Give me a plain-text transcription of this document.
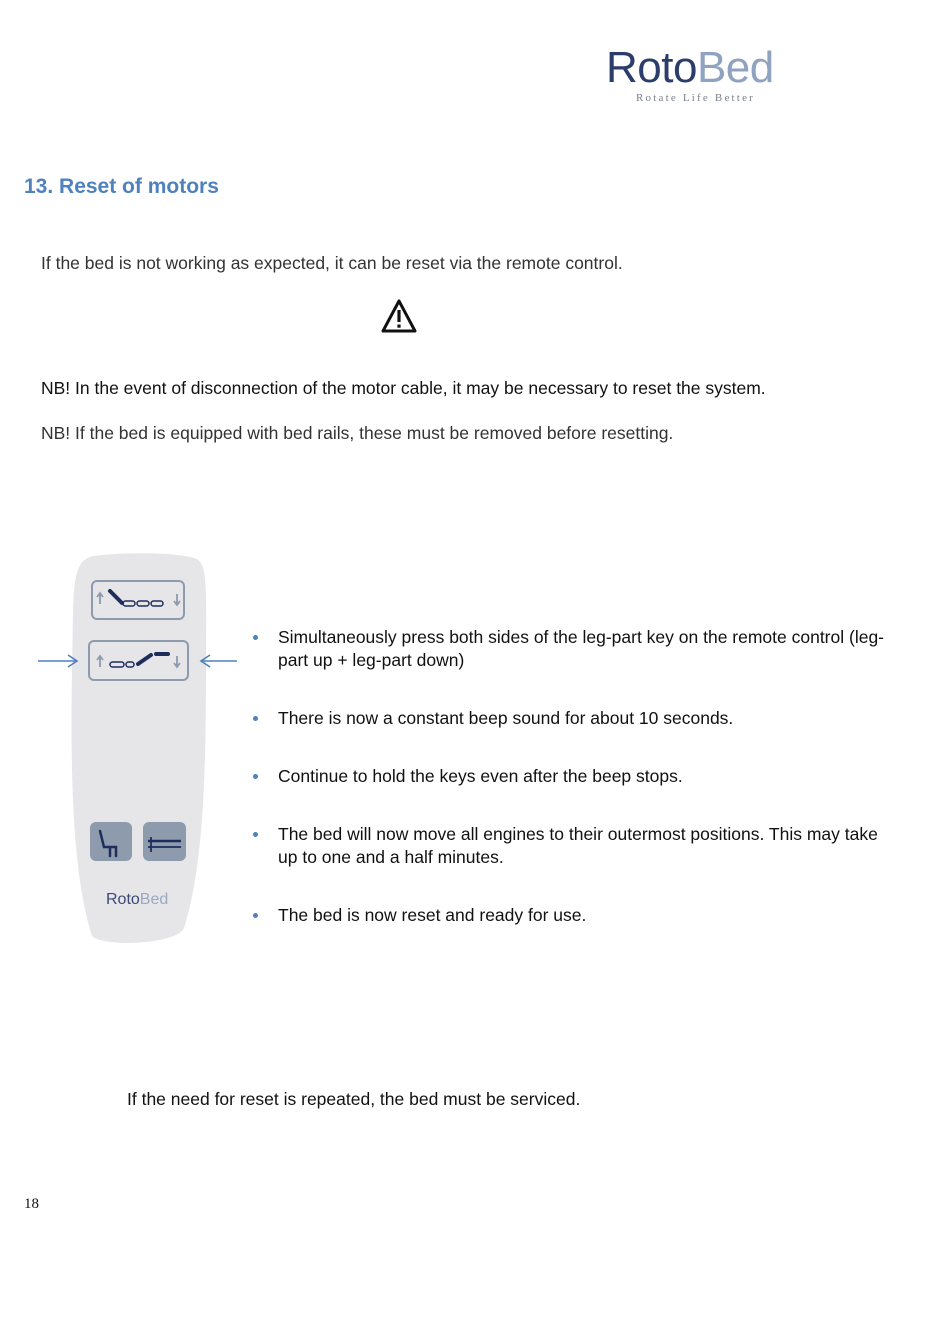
RotoBed
Rotate Life Better
13. Reset of motors
If the bed is not working as expected, it can be reset via the remote control.
NB! In the event of disconnection of the motor cable, it may be necessary to reset the system.
NB! If the bed is equipped with bed rails, these must be removed before resetting.
RotoBed
Simultaneously press both sides of the leg-part key on the remote control (leg-part up + leg-part down)
There is now a constant beep sound for about 10 seconds.
Continue to hold the keys even after the beep stops.
The bed will now move all engines to their outermost positions. This may take up to one and a half minutes.
The bed is now reset and ready for use.
If the need for reset is repeated, the bed must be serviced.
18
